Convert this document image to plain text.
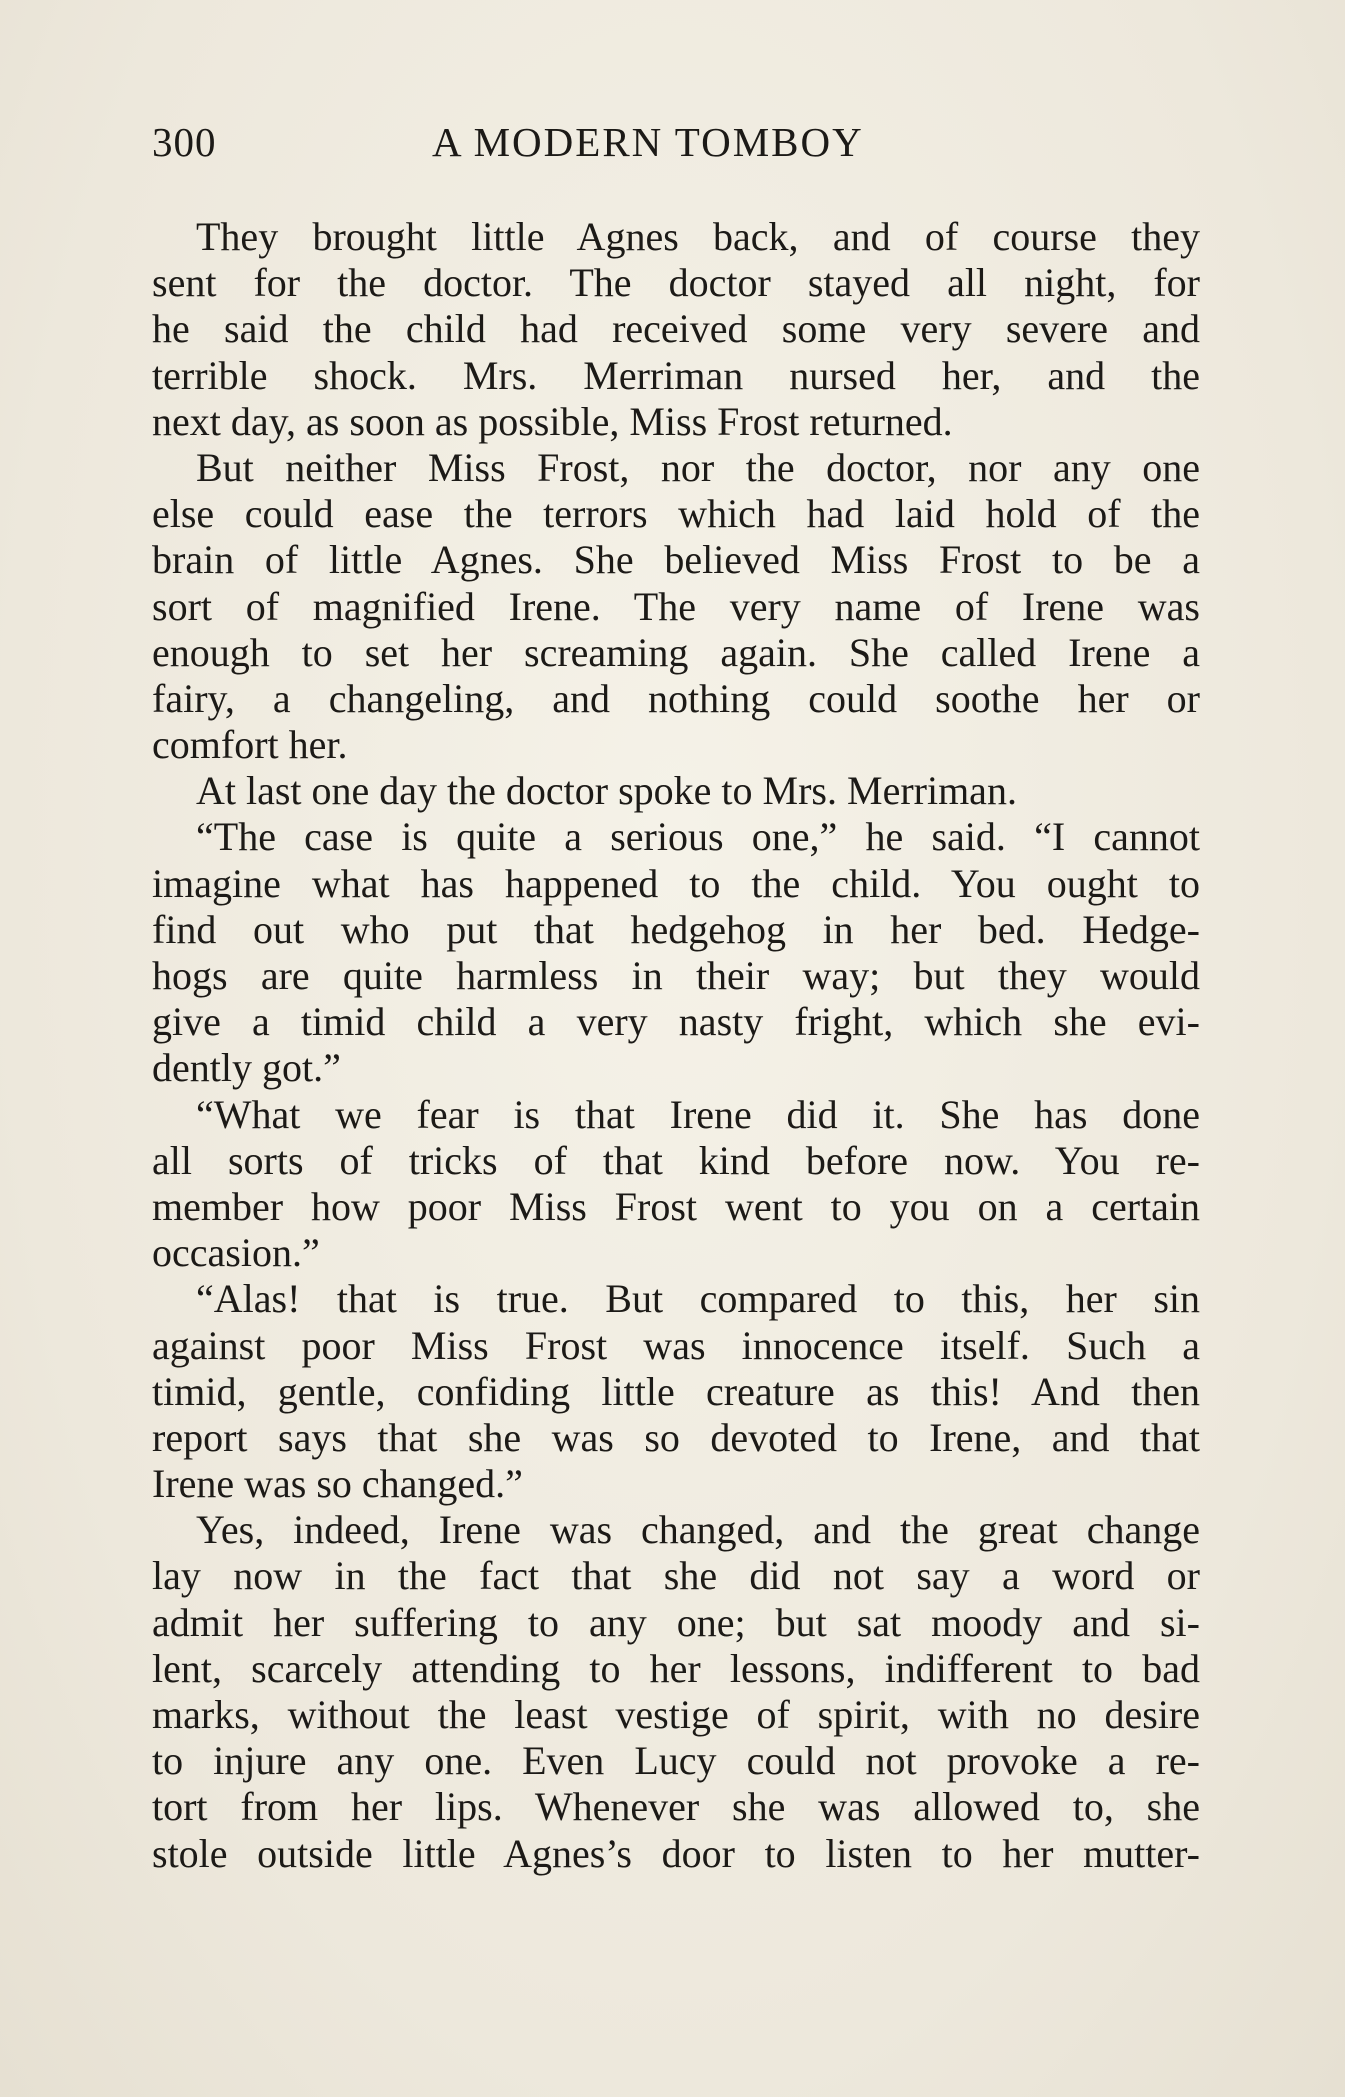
300	A MODERN TOMBOY
They brought little Agnes back, and of course they
sent for the doctor. The doctor stayed all night, for
he said the child had received some very severe and
terrible shock. Mrs. Merriman nursed her, and the
next day, as soon as possible, Miss Frost returned.
But neither Miss Frost, nor the doctor, nor any one
else could ease the terrors which had laid hold of the
brain of little Agnes. She believed Miss Frost to be a
sort of magnified Irene. The very name of Irene was
enough to set her screaming again. She called Irene a
fairy, a changeling, and nothing could soothe her or
comfort her.
At last one day the doctor spoke to Mrs. Merriman.
“The case is quite a serious one,” he said. “I cannot
imagine what has happened to the child. You ought to
find out who put that hedgehog in her bed. Hedge-
hogs are quite harmless in their way; but they would
give a timid child a very nasty fright, which she evi-
dently got.”
“What we fear is that Irene did it. She has done
all sorts of tricks of that kind before now. You re-
member how poor Miss Frost went to you on a certain
occasion.”
“Alas! that is true. But compared to this, her sin
against poor Miss Frost was innocence itself. Such a
timid, gentle, confiding little creature as this! And then
report says that she was so devoted to Irene, and that
Irene was so changed.”
Yes, indeed, Irene was changed, and the great change
lay now in the fact that she did not say a word or
admit her suffering to any one; but sat moody and si-
lent, scarcely attending to her lessons, indifferent to bad
marks, without the least vestige of spirit, with no desire
to injure any one. Even Lucy could not provoke a re-
tort from her lips. Whenever she was allowed to, she
stole outside little Agnes’s door to listen to her mutter-
